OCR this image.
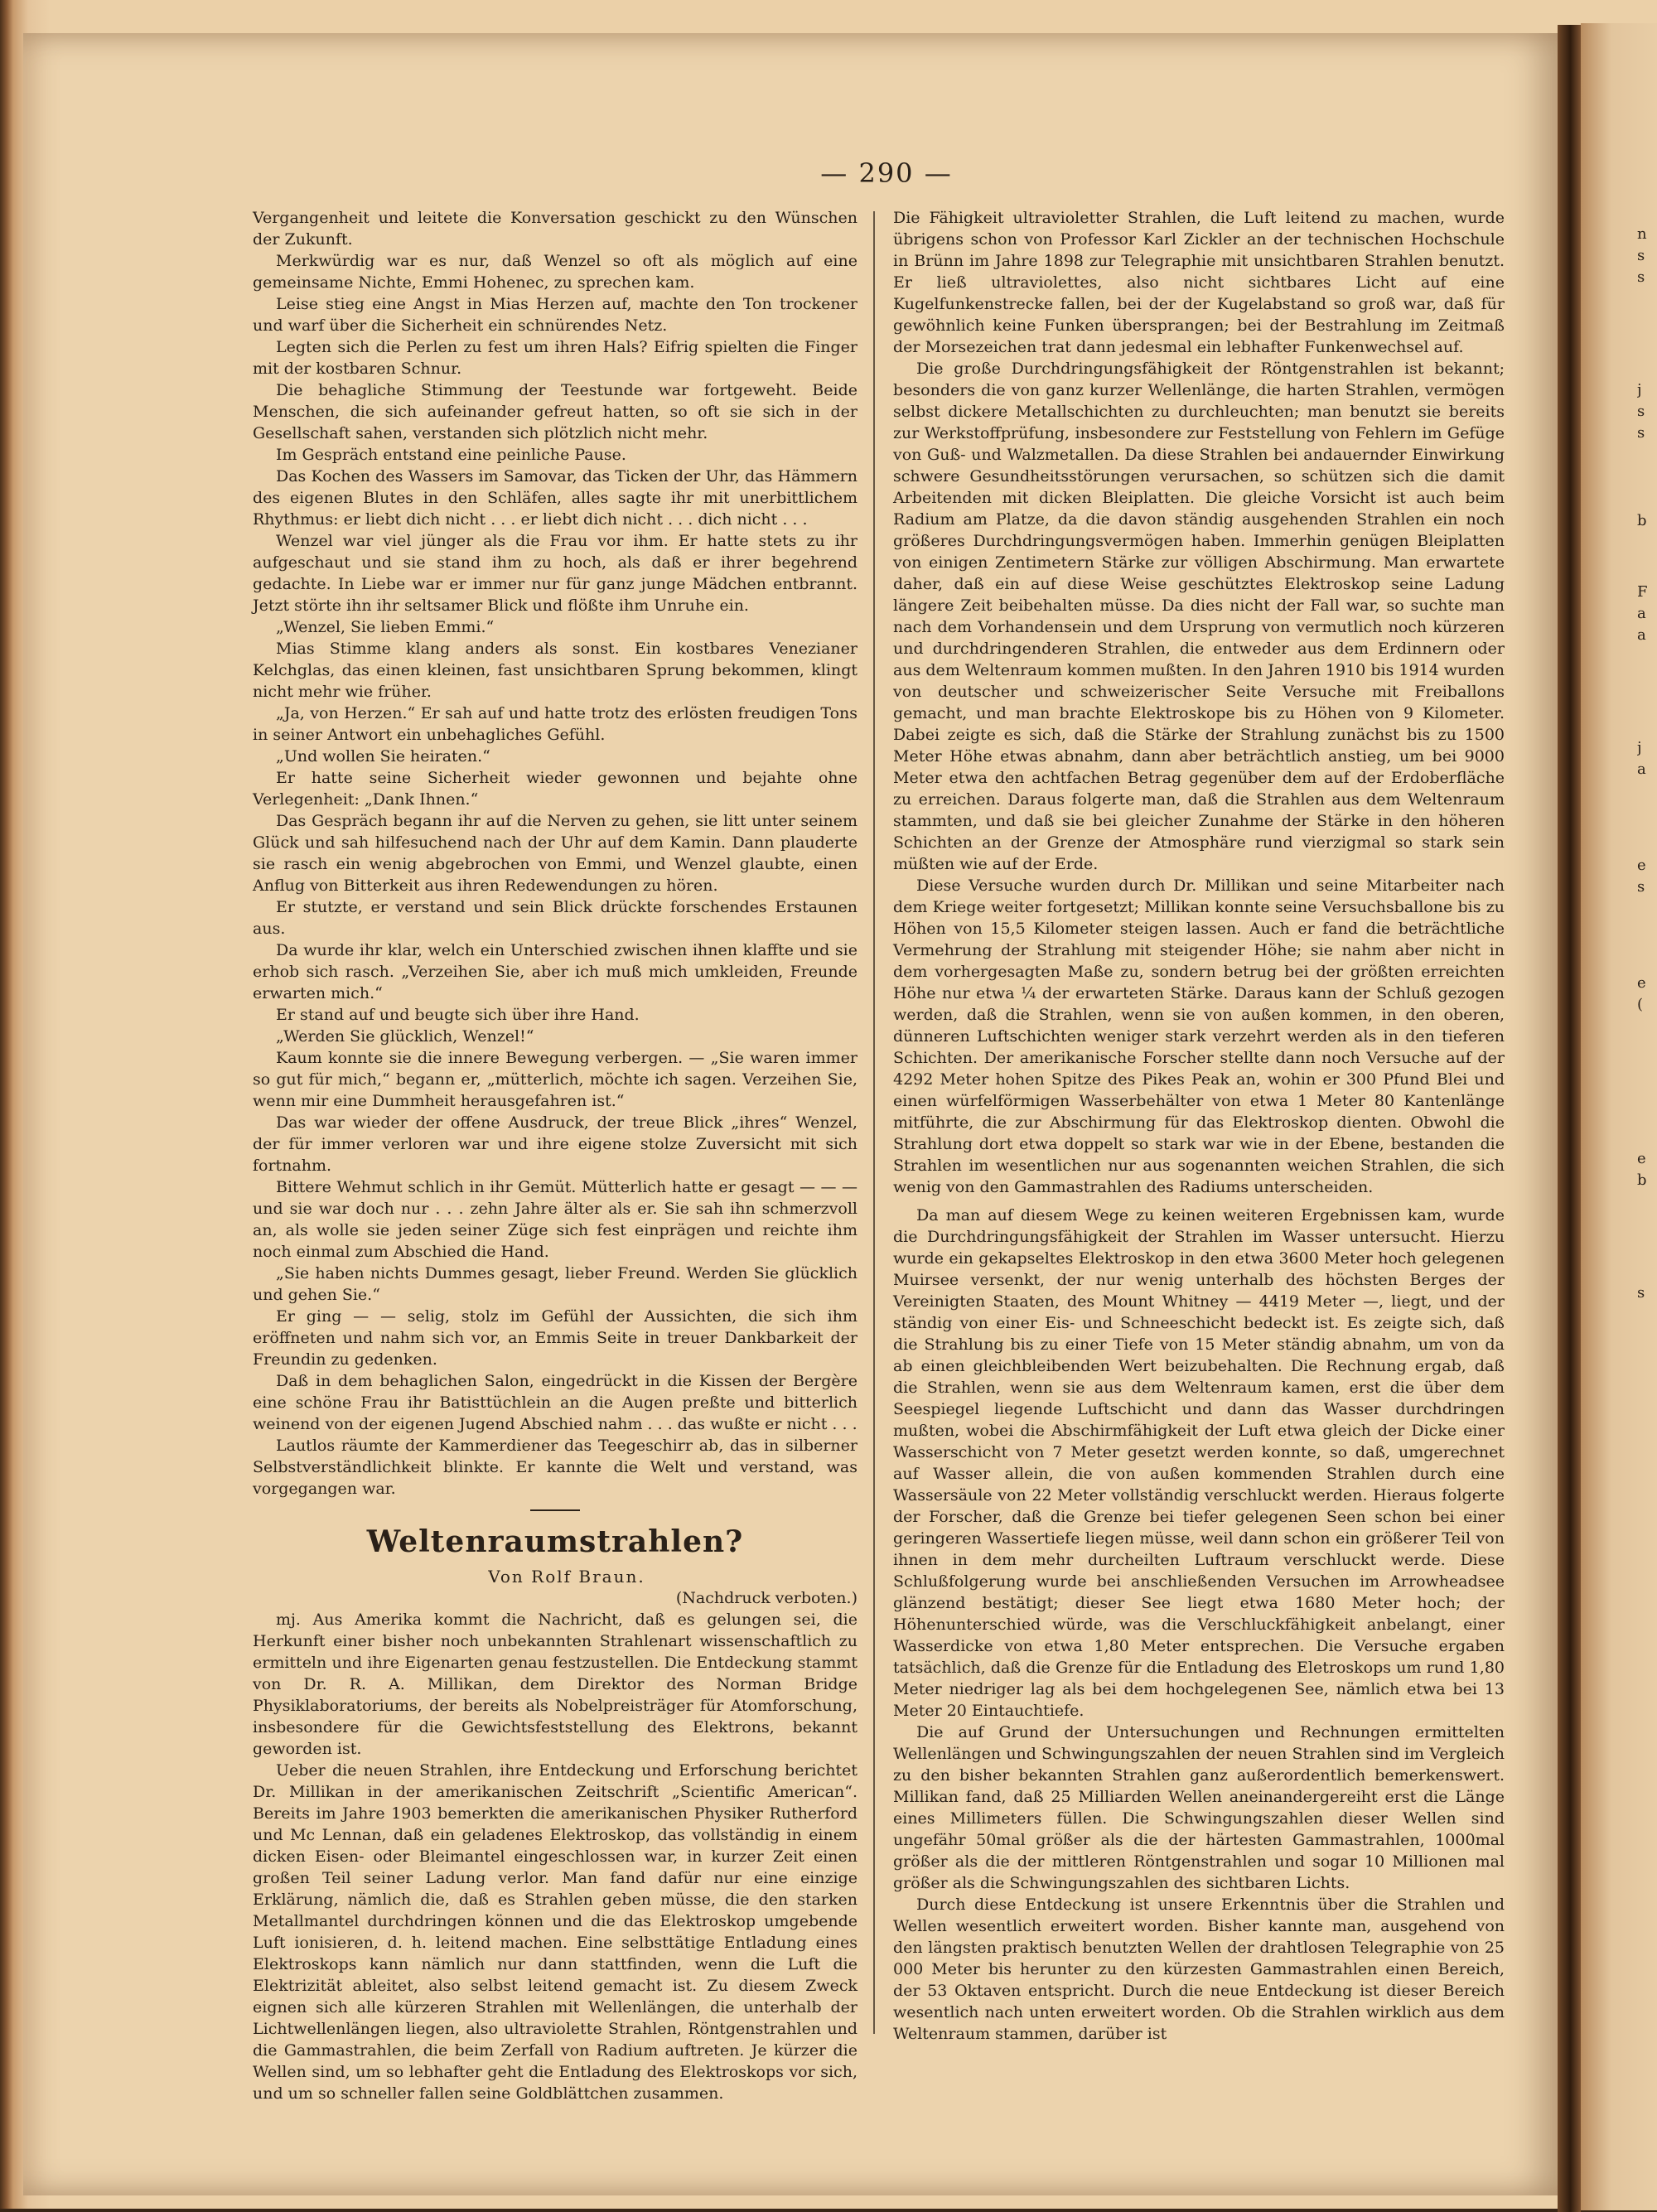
— 290 —

Vergangenheit und leitete die Konversation geschickt zu den Wünschen der Zukunft.

Merkwürdig war es nur, daß Wenzel so oft als möglich auf eine gemeinsame Nichte, Emmi Hohenec, zu sprechen kam.

Leise stieg eine Angst in Mias Herzen auf, machte den Ton trockener und warf über die Sicherheit ein schnürendes Netz.

Legten sich die Perlen zu fest um ihren Hals? Eifrig spielten die Finger mit der kostbaren Schnur.

Die behagliche Stimmung der Teestunde war fortgeweht. Beide Menschen, die sich aufeinander gefreut hatten, so oft sie sich in der Gesellschaft sahen, verstanden sich plötzlich nicht mehr.

Im Gespräch entstand eine peinliche Pause.

Das Kochen des Wassers im Samovar, das Ticken der Uhr, das Hämmern des eigenen Blutes in den Schläfen, alles sagte ihr mit unerbittlichem Rhythmus: er liebt dich nicht . . . er liebt dich nicht . . . dich nicht . . .

Wenzel war viel jünger als die Frau vor ihm. Er hatte stets zu ihr aufgeschaut und sie stand ihm zu hoch, als daß er ihrer begehrend gedachte. In Liebe war er immer nur für ganz junge Mädchen entbrannt. Jetzt störte ihn ihr seltsamer Blick und flößte ihm Unruhe ein.

„Wenzel, Sie lieben Emmi.“

Mias Stimme klang anders als sonst. Ein kostbares Venezianer Kelchglas, das einen kleinen, fast unsichtbaren Sprung bekommen, klingt nicht mehr wie früher.

„Ja, von Herzen.“ Er sah auf und hatte trotz des erlösten freudigen Tons in seiner Antwort ein unbehagliches Gefühl.

„Und wollen Sie heiraten.“

Er hatte seine Sicherheit wieder gewonnen und bejahte ohne Verlegenheit: „Dank Ihnen.“

Das Gespräch begann ihr auf die Nerven zu gehen, sie litt unter seinem Glück und sah hilfesuchend nach der Uhr auf dem Kamin. Dann plauderte sie rasch ein wenig abgebrochen von Emmi, und Wenzel glaubte, einen Anflug von Bitterkeit aus ihren Redewendungen zu hören.

Er stutzte, er verstand und sein Blick drückte forschendes Erstaunen aus.

Da wurde ihr klar, welch ein Unterschied zwischen ihnen klaffte und sie erhob sich rasch. „Verzeihen Sie, aber ich muß mich umkleiden, Freunde erwarten mich.“

Er stand auf und beugte sich über ihre Hand.

„Werden Sie glücklich, Wenzel!“

Kaum konnte sie die innere Bewegung verbergen. — „Sie waren immer so gut für mich,“ begann er, „mütterlich, möchte ich sagen. Verzeihen Sie, wenn mir eine Dummheit herausgefahren ist.“

Das war wieder der offene Ausdruck, der treue Blick „ihres“ Wenzel, der für immer verloren war und ihre eigene stolze Zuversicht mit sich fortnahm.

Bittere Wehmut schlich in ihr Gemüt. Mütterlich hatte er gesagt — — — und sie war doch nur . . . zehn Jahre älter als er. Sie sah ihn schmerzvoll an, als wolle sie jeden seiner Züge sich fest einprägen und reichte ihm noch einmal zum Abschied die Hand.

„Sie haben nichts Dummes gesagt, lieber Freund. Werden Sie glücklich und gehen Sie.“

Er ging — — selig, stolz im Gefühl der Aussichten, die sich ihm eröffneten und nahm sich vor, an Emmis Seite in treuer Dankbarkeit der Freundin zu gedenken.

Daß in dem behaglichen Salon, eingedrückt in die Kissen der Bergère eine schöne Frau ihr Batisttüchlein an die Augen preßte und bitterlich weinend von der eigenen Jugend Abschied nahm . . . das wußte er nicht . . .

Lautlos räumte der Kammerdiener das Teegeschirr ab, das in silberner Selbstverständlichkeit blinkte. Er kannte die Welt und verstand, was vorgegangen war.

Weltenraumstrahlen?

Von Rolf Braun.

(Nachdruck verboten.)

mj. Aus Amerika kommt die Nachricht, daß es gelungen sei, die Herkunft einer bisher noch unbekannten Strahlenart wissenschaftlich zu ermitteln und ihre Eigenarten genau festzustellen. Die Entdeckung stammt von Dr. R. A. Millikan, dem Direktor des Norman Bridge Physiklaboratoriums, der bereits als Nobelpreisträger für Atomforschung, insbesondere für die Gewichtsfeststellung des Elektrons, bekannt geworden ist.

Ueber die neuen Strahlen, ihre Entdeckung und Erforschung berichtet Dr. Millikan in der amerikanischen Zeitschrift „Scientific American“. Bereits im Jahre 1903 bemerkten die amerikanischen Physiker Rutherford und Mc Lennan, daß ein geladenes Elektroskop, das vollständig in einem dicken Eisen- oder Bleimantel eingeschlossen war, in kurzer Zeit einen großen Teil seiner Ladung verlor. Man fand dafür nur eine einzige Erklärung, nämlich die, daß es Strahlen geben müsse, die den starken Metallmantel durchdringen können und die das Elektroskop umgebende Luft ionisieren, d. h. leitend machen. Eine selbsttätige Entladung eines Elektroskops kann nämlich nur dann stattfinden, wenn die Luft die Elektrizität ableitet, also selbst leitend gemacht ist. Zu diesem Zweck eignen sich alle kürzeren Strahlen mit Wellenlängen, die unterhalb der Lichtwellenlängen liegen, also ultraviolette Strahlen, Röntgenstrahlen und die Gammastrahlen, die beim Zerfall von Radium auftreten. Je kürzer die Wellen sind, um so lebhafter geht die Entladung des Elektroskops vor sich, und um so schneller fallen seine Goldblättchen zusammen.

Die Fähigkeit ultravioletter Strahlen, die Luft leitend zu machen, wurde übrigens schon von Professor Karl Zickler an der technischen Hochschule in Brünn im Jahre 1898 zur Telegraphie mit unsichtbaren Strahlen benutzt. Er ließ ultraviolettes, also nicht sichtbares Licht auf eine Kugelfunkenstrecke fallen, bei der der Kugelabstand so groß war, daß für gewöhnlich keine Funken übersprangen; bei der Bestrahlung im Zeitmaß der Morsezeichen trat dann jedesmal ein lebhafter Funkenwechsel auf.

Die große Durchdringungsfähigkeit der Röntgenstrahlen ist bekannt; besonders die von ganz kurzer Wellenlänge, die harten Strahlen, vermögen selbst dickere Metallschichten zu durchleuchten; man benutzt sie bereits zur Werkstoffprüfung, insbesondere zur Feststellung von Fehlern im Gefüge von Guß- und Walzmetallen. Da diese Strahlen bei andauernder Einwirkung schwere Gesundheitsstörungen verursachen, so schützen sich die damit Arbeitenden mit dicken Bleiplatten. Die gleiche Vorsicht ist auch beim Radium am Platze, da die davon ständig ausgehenden Strahlen ein noch größeres Durchdringungsvermögen haben. Immerhin genügen Bleiplatten von einigen Zentimetern Stärke zur völligen Abschirmung. Man erwartete daher, daß ein auf diese Weise geschütztes Elektroskop seine Ladung längere Zeit beibehalten müsse. Da dies nicht der Fall war, so suchte man nach dem Vorhandensein und dem Ursprung von vermutlich noch kürzeren und durchdringenderen Strahlen, die entweder aus dem Erdinnern oder aus dem Weltenraum kommen mußten. In den Jahren 1910 bis 1914 wurden von deutscher und schweizerischer Seite Versuche mit Freiballons gemacht, und man brachte Elektroskope bis zu Höhen von 9 Kilometer. Dabei zeigte es sich, daß die Stärke der Strahlung zunächst bis zu 1500 Meter Höhe etwas abnahm, dann aber beträchtlich anstieg, um bei 9000 Meter etwa den achtfachen Betrag gegenüber dem auf der Erdoberfläche zu erreichen. Daraus folgerte man, daß die Strahlen aus dem Weltenraum stammten, und daß sie bei gleicher Zunahme der Stärke in den höheren Schichten an der Grenze der Atmosphäre rund vierzigmal so stark sein müßten wie auf der Erde.

Diese Versuche wurden durch Dr. Millikan und seine Mitarbeiter nach dem Kriege weiter fortgesetzt; Millikan konnte seine Versuchsballone bis zu Höhen von 15,5 Kilometer steigen lassen. Auch er fand die beträchtliche Vermehrung der Strahlung mit steigender Höhe; sie nahm aber nicht in dem vorhergesagten Maße zu, sondern betrug bei der größten erreichten Höhe nur etwa ¼ der erwarteten Stärke. Daraus kann der Schluß gezogen werden, daß die Strahlen, wenn sie von außen kommen, in den oberen, dünneren Luftschichten weniger stark verzehrt werden als in den tieferen Schichten. Der amerikanische Forscher stellte dann noch Versuche auf der 4292 Meter hohen Spitze des Pikes Peak an, wohin er 300 Pfund Blei und einen würfelförmigen Wasserbehälter von etwa 1 Meter 80 Kantenlänge mitführte, die zur Abschirmung für das Elektroskop dienten. Obwohl die Strahlung dort etwa doppelt so stark war wie in der Ebene, bestanden die Strahlen im wesentlichen nur aus sogenannten weichen Strahlen, die sich wenig von den Gammastrahlen des Radiums unterscheiden.

Da man auf diesem Wege zu keinen weiteren Ergebnissen kam, wurde die Durchdringungsfähigkeit der Strahlen im Wasser untersucht. Hierzu wurde ein gekapseltes Elektroskop in den etwa 3600 Meter hoch gelegenen Muirsee versenkt, der nur wenig unterhalb des höchsten Berges der Vereinigten Staaten, des Mount Whitney — 4419 Meter —, liegt, und der ständig von einer Eis- und Schneeschicht bedeckt ist. Es zeigte sich, daß die Strahlung bis zu einer Tiefe von 15 Meter ständig abnahm, um von da ab einen gleichbleibenden Wert beizubehalten. Die Rechnung ergab, daß die Strahlen, wenn sie aus dem Weltenraum kamen, erst die über dem Seespiegel liegende Luftschicht und dann das Wasser durchdringen mußten, wobei die Abschirmfähigkeit der Luft etwa gleich der Dicke einer Wasserschicht von 7 Meter gesetzt werden konnte, so daß, umgerechnet auf Wasser allein, die von außen kommenden Strahlen durch eine Wassersäule von 22 Meter vollständig verschluckt werden. Hieraus folgerte der Forscher, daß die Grenze bei tiefer gelegenen Seen schon bei einer geringeren Wassertiefe liegen müsse, weil dann schon ein größerer Teil von ihnen in dem mehr durcheilten Luftraum verschluckt werde. Diese Schlußfolgerung wurde bei anschließenden Versuchen im Arrowheadsee glänzend bestätigt; dieser See liegt etwa 1680 Meter hoch; der Höhenunterschied würde, was die Verschluckfähigkeit anbelangt, einer Wasserdicke von etwa 1,80 Meter entsprechen. Die Versuche ergaben tatsächlich, daß die Grenze für die Entladung des Eletroskops um rund 1,80 Meter niedriger lag als bei dem hochgelegenen See, nämlich etwa bei 13 Meter 20 Eintauchtiefe.

Die auf Grund der Untersuchungen und Rechnungen ermittelten Wellenlängen und Schwingungszahlen der neuen Strahlen sind im Vergleich zu den bisher bekannten Strahlen ganz außerordentlich bemerkenswert. Millikan fand, daß 25 Milliarden Wellen aneinandergereiht erst die Länge eines Millimeters füllen. Die Schwingungszahlen dieser Wellen sind ungefähr 50mal größer als die der härtesten Gammastrahlen, 1000mal größer als die der mittleren Röntgenstrahlen und sogar 10 Millionen mal größer als die Schwingungszahlen des sichtbaren Lichts.

Durch diese Entdeckung ist unsere Erkenntnis über die Strahlen und Wellen wesentlich erweitert worden. Bisher kannte man, ausgehend von den längsten praktisch benutzten Wellen der drahtlosen Telegraphie von 25 000 Meter bis herunter zu den kürzesten Gammastrahlen einen Bereich, der 53 Oktaven entspricht. Durch die neue Entdeckung ist dieser Bereich wesentlich nach unten erweitert worden. Ob die Strahlen wirklich aus dem Weltenraum stammen, darüber ist

n
s
s
j
s
s
b
F
a
a
j
a
e
s
e
(
e
b
s
